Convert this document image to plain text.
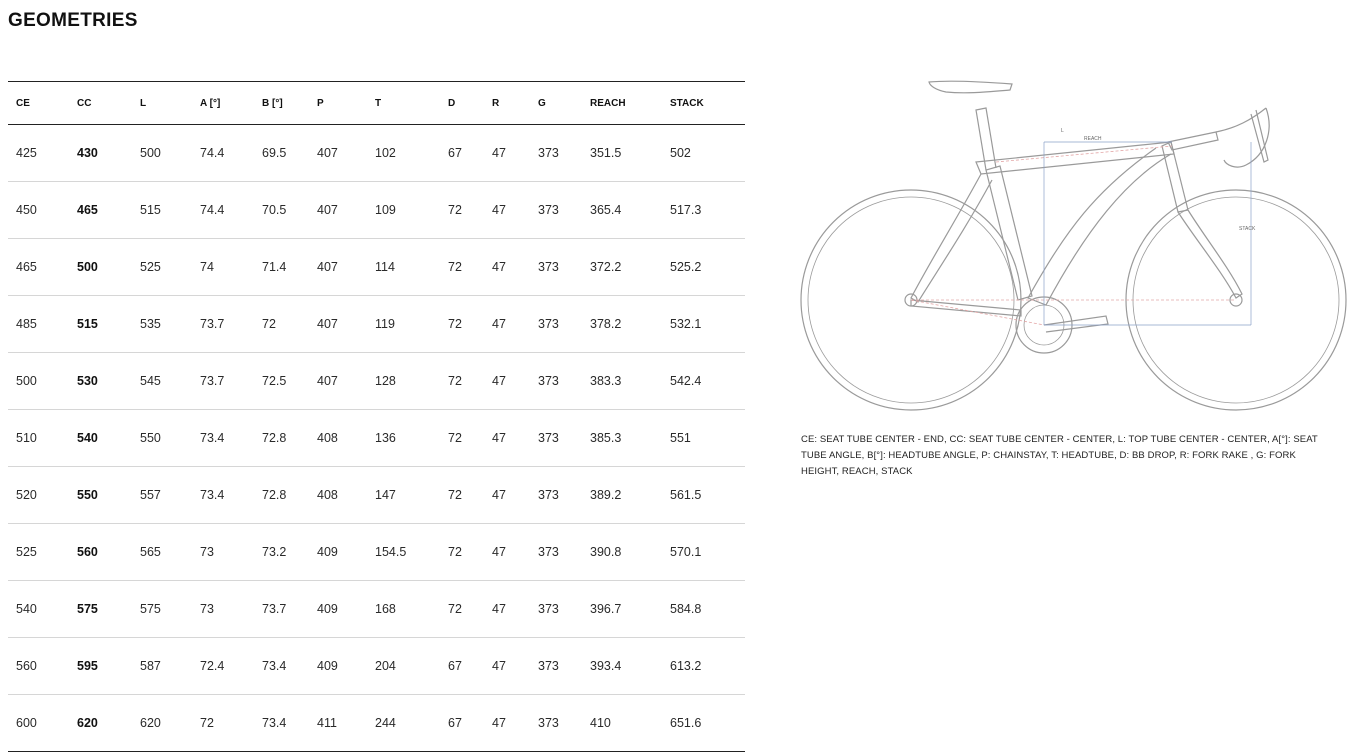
GEOMETRIES
CE	CC	L	A [°]	B [°]	P	T	D	R	G	REACH	STACK
425	430	500	74.4	69.5	407	102	67	47	373	351.5	502
450	465	515	74.4	70.5	407	109	72	47	373	365.4	517.3
465	500	525	74	71.4	407	114	72	47	373	372.2	525.2
485	515	535	73.7	72	407	119	72	47	373	378.2	532.1
500	530	545	73.7	72.5	407	128	72	47	373	383.3	542.4
510	540	550	73.4	72.8	408	136	72	47	373	385.3	551
520	550	557	73.4	72.8	408	147	72	47	373	389.2	561.5
525	560	565	73	73.2	409	154.5	72	47	373	390.8	570.1
540	575	575	73	73.7	409	168	72	47	373	396.7	584.8
560	595	587	72.4	73.4	409	204	67	47	373	393.4	613.2
600	620	620	72	73.4	411	244	67	47	373	410	651.6
L
REACH
STACK
CE: SEAT TUBE CENTER - END, CC: SEAT TUBE CENTER - CENTER, L: TOP TUBE CENTER - CENTER, A[°]: SEAT TUBE ANGLE, B[°]: HEADTUBE ANGLE, P: CHAINSTAY, T: HEADTUBE, D: BB DROP, R: FORK RAKE , G: FORK HEIGHT, REACH, STACK
